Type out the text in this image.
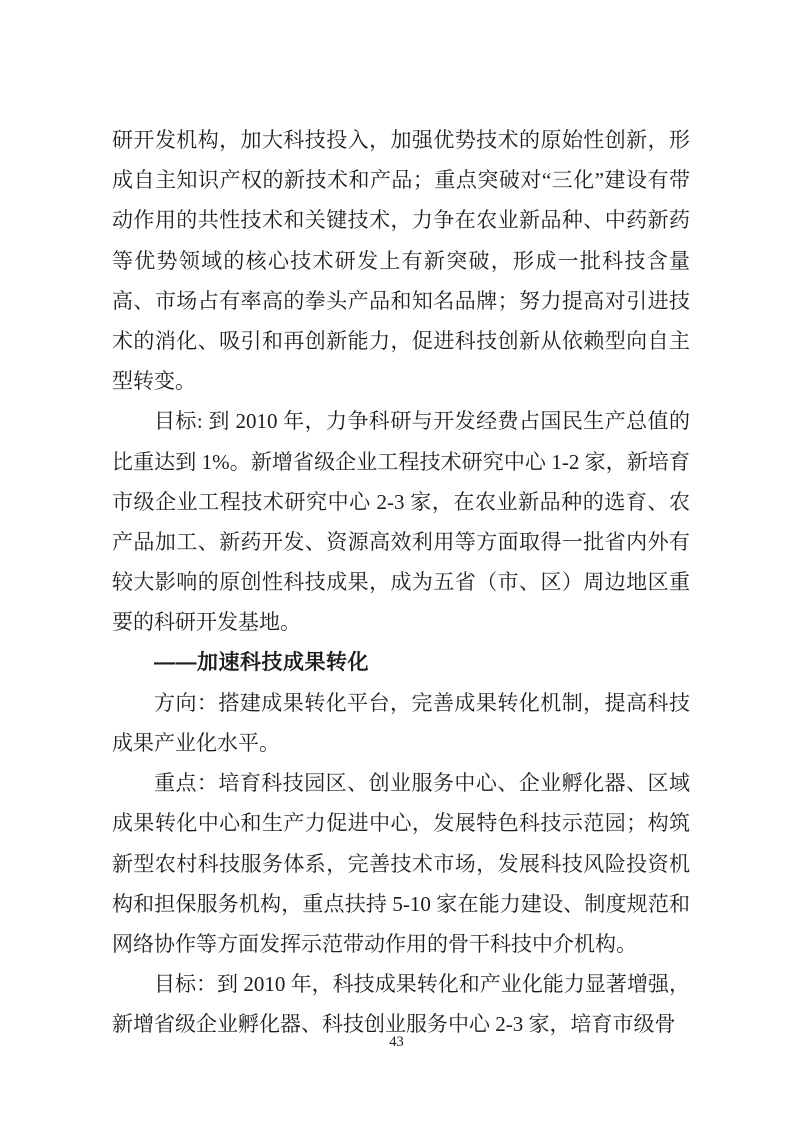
研开发机构，加大科技投入，加强优势技术的原始性创新，形成自主知识产权的新技术和产品；重点突破对“三化”建设有带动作用的共性技术和关键技术，力争在农业新品种、中药新药等优势领域的核心技术研发上有新突破，形成一批科技含量高、市场占有率高的拳头产品和知名品牌；努力提高对引进技术的消化、吸引和再创新能力，促进科技创新从依赖型向自主型转变。

目标: 到 2010 年，力争科研与开发经费占国民生产总值的比重达到 1%。新增省级企业工程技术研究中心 1-2 家，新培育市级企业工程技术研究中心 2-3 家，在农业新品种的选育、农产品加工、新药开发、资源高效利用等方面取得一批省内外有较大影响的原创性科技成果，成为五省（市、区）周边地区重要的科研开发基地。

——加速科技成果转化

方向：搭建成果转化平台，完善成果转化机制，提高科技成果产业化水平。

重点：培育科技园区、创业服务中心、企业孵化器、区域成果转化中心和生产力促进中心，发展特色科技示范园；构筑新型农村科技服务体系，完善技术市场，发展科技风险投资机构和担保服务机构，重点扶持 5-10 家在能力建设、制度规范和网络协作等方面发挥示范带动作用的骨干科技中介机构。

目标：到 2010 年，科技成果转化和产业化能力显著增强，新增省级企业孵化器、科技创业服务中心 2-3 家，培育市级骨

43
